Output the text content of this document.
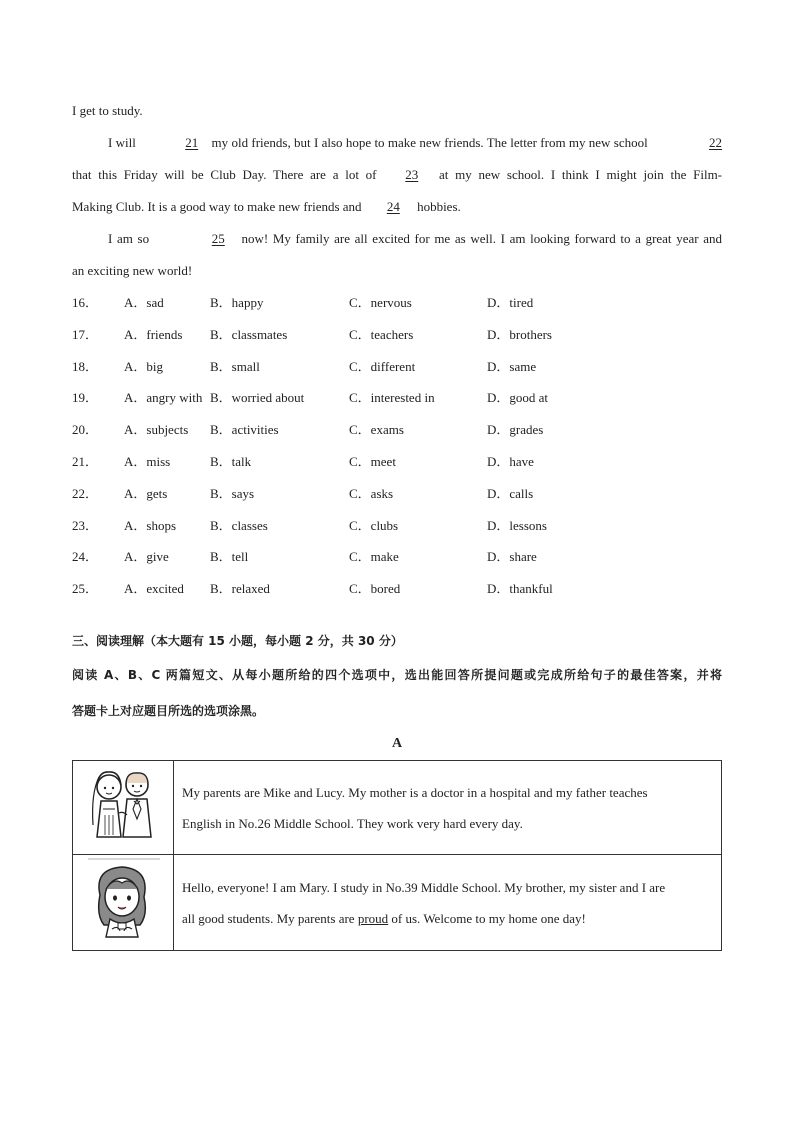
I get to study.
I will	21 my old friends, but I also hope to make new friends. The letter from my new school	22
that this Friday will be Club Day. There are a lot of 23 at my new school. I think I might join the Film-
Making Club. It is a good way to make new friends and 24 hobbies.
I am so	25 now! My family are all excited for me as well. I am looking forward to a great year and
an exciting new world!
16． A．sad	B．happy	C．nervous	D．tired
17． A．friends B．classmates	C．teachers	D．brothers
18． A．big	B．small	C．different	D．same
19． A．angry with B．worried about	C．interested in	D．good at
20． A．subjects B．activities	C．exams	D．grades
21． A．miss	B．talk	C．meet	D．have
22． A．gets	B．says	C．asks	D．calls
23． A．shops	B．classes	C．clubs	D．lessons
24． A．give	B．tell	C．make	D．share
25． A．excited B．relaxed	C．bored	D．thankful
三、阅读理解（本大题有 15 小题，每小题 2 分，共 30 分）
阅读 A、B、C 两篇短文、从每小题所给的四个选项中，选出能回答所提问题或完成所给句子的最佳答案，并将
答题卡上对应题目所选的选项涂黑。
A

My parents are Mike and Lucy. My mother is a doctor in a hospital and my father teaches
English in No.26 Middle School. They work very hard every day.

Hello, everyone! I am Mary. I study in No.39 Middle School. My brother, my sister and I are
all good students. My parents are proud of us. Welcome to my home one day!
